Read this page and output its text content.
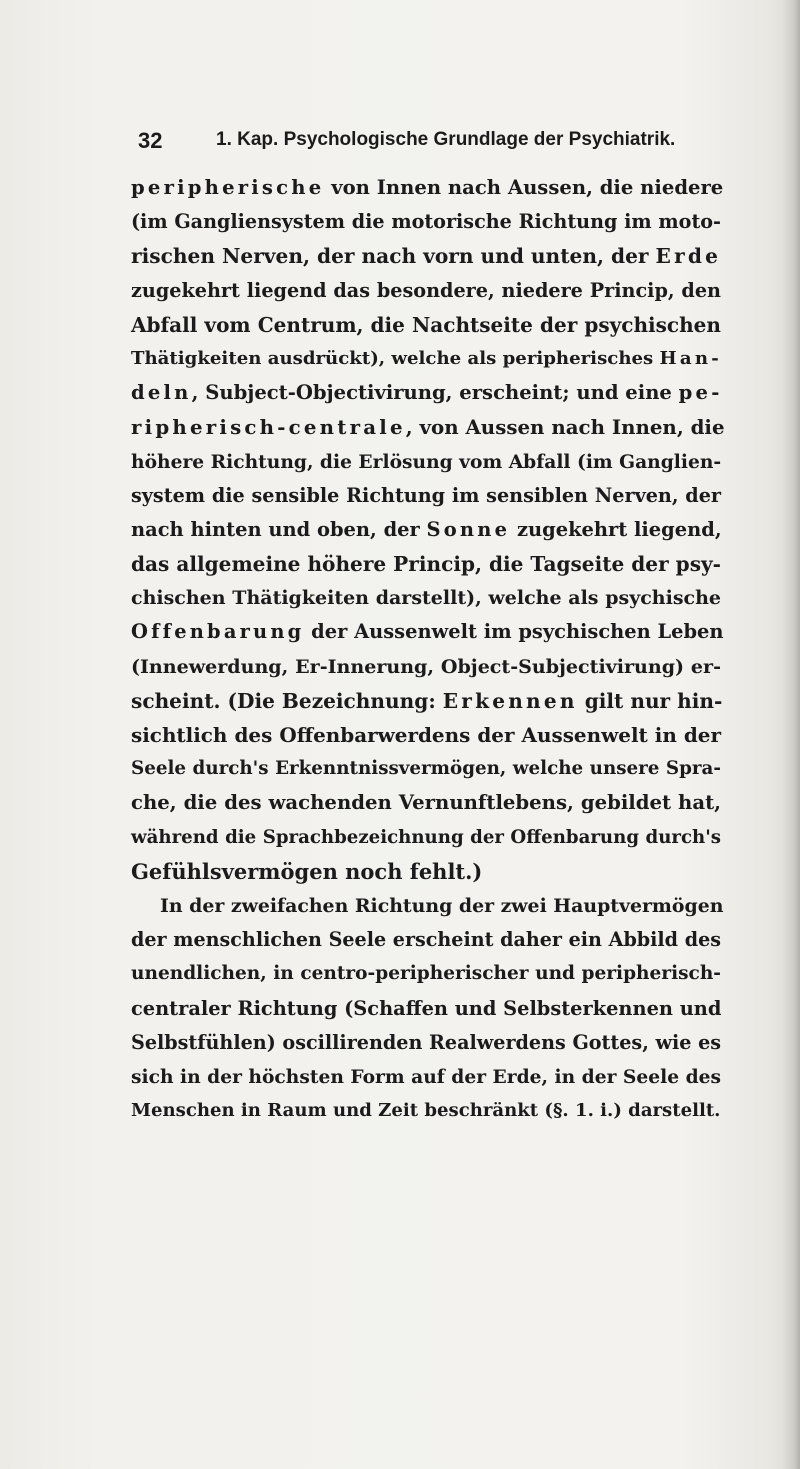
32	1. Kap. Psychologische Grundlage der Psychiatrik.
peripherische von Innen nach Aussen, die niedere
(im Gangliensystem die motorische Richtung im moto-
rischen Nerven, der nach vorn und unten, der Erde
zugekehrt liegend das besondere, niedere Princip, den
Abfall vom Centrum, die Nachtseite der psychischen
Thätigkeiten ausdrückt), welche als peripherisches Han-
deln, Subject-Objectivirung, erscheint; und eine pe-
ripherisch-centrale, von Aussen nach Innen, die
höhere Richtung, die Erlösung vom Abfall (im Ganglien-
system die sensible Richtung im sensiblen Nerven, der
nach hinten und oben, der Sonne zugekehrt liegend,
das allgemeine höhere Princip, die Tagseite der psy-
chischen Thätigkeiten darstellt), welche als psychische
Offenbarung der Aussenwelt im psychischen Leben
(Innewerdung, Er-Innerung, Object-Subjectivirung) er-
scheint. (Die Bezeichnung: Erkennen gilt nur hin-
sichtlich des Offenbarwerdens der Aussenwelt in der
Seele durch's Erkenntnissvermögen, welche unsere Spra-
che, die des wachenden Vernunftlebens, gebildet hat,
während die Sprachbezeichnung der Offenbarung durch's
Gefühlsvermögen noch fehlt.)
In der zweifachen Richtung der zwei Hauptvermögen
der menschlichen Seele erscheint daher ein Abbild des
unendlichen, in centro-peripherischer und peripherisch-
centraler Richtung (Schaffen und Selbsterkennen und
Selbstfühlen) oscillirenden Realwerdens Gottes, wie es
sich in der höchsten Form auf der Erde, in der Seele des
Menschen in Raum und Zeit beschränkt (§. 1. i.) darstellt.
